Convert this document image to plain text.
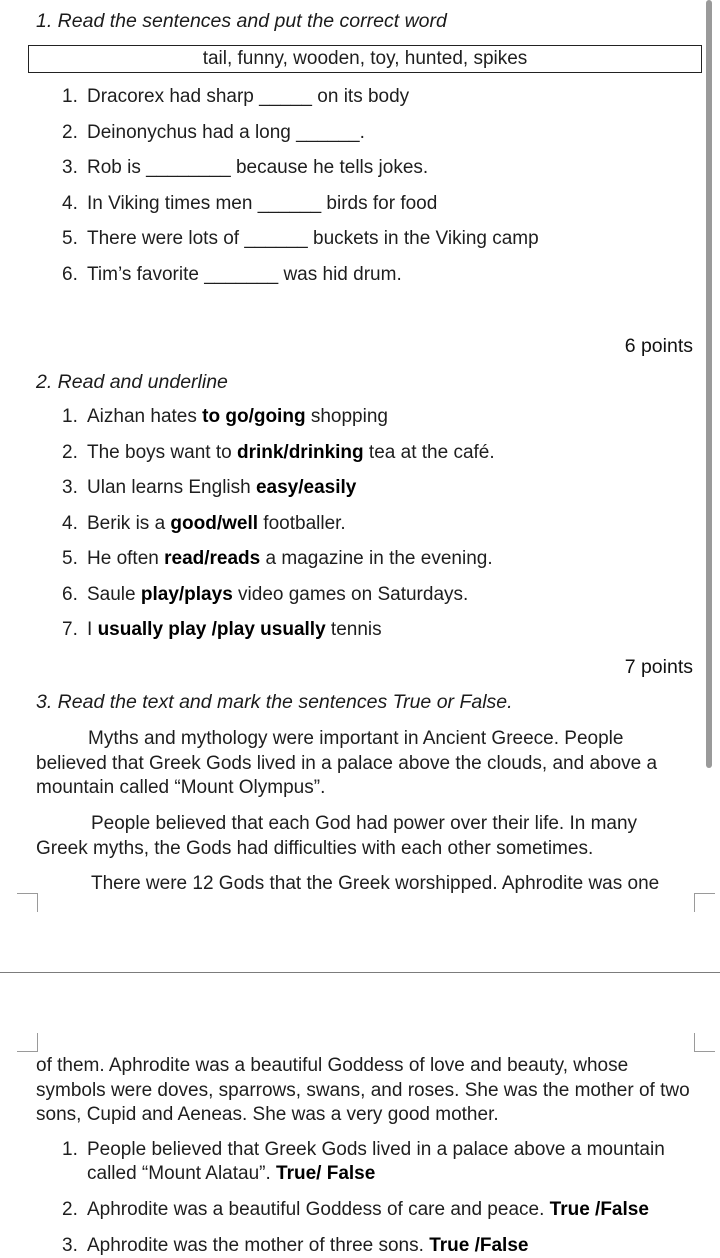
1. Read the sentences and put the correct word
tail, funny, wooden, toy, hunted, spikes
1. Dracorex had sharp _____ on its body
2. Deinonychus had a long ______.
3. Rob is ________ because he tells jokes.
4. In Viking times men ______ birds for food
5. There were lots of ______ buckets in the Viking camp
6. Tim’s favorite _______ was hid drum.
6 points
2. Read and underline
1. Aizhan hates to go/going shopping
2. The boys want to drink/drinking tea at the café.
3. Ulan learns English easy/easily
4. Berik is a good/well footballer.
5. He often read/reads a magazine in the evening.
6. Saule play/plays video games on Saturdays.
7. I usually play /play usually tennis
7 points
3. Read the text and mark the sentences True or False.
Myths and mythology were important in Ancient Greece. People
believed that Greek Gods lived in a palace above the clouds, and above a mountain called “Mount Olympus”.
People believed that each God had power over their life. In many
Greek myths, the Gods had difficulties with each other sometimes.
There were 12 Gods that the Greek worshipped. Aphrodite was one
of them. Aphrodite was a beautiful Goddess of love and beauty, whose symbols were doves, sparrows, swans, and roses. She was the mother of two sons, Cupid and Aeneas. She was a very good mother.
1. People believed that Greek Gods lived in a palace above a mountain called “Mount Alatau”. True/ False
2. Aphrodite was a beautiful Goddess of care and peace. True /False
3. Aphrodite was the mother of three sons. True /False
